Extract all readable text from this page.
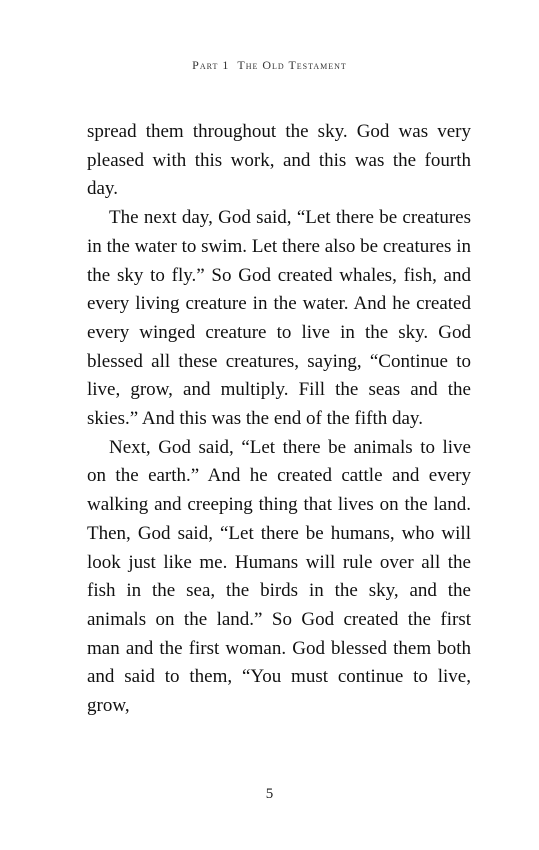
Part 1 The Old Testament

spread them throughout the sky. God was very pleased with this work, and this was the fourth day.

The next day, God said, “Let there be creatures in the water to swim. Let there also be creatures in the sky to fly.” So God created whales, fish, and every living creature in the water. And he created every winged creature to live in the sky. God blessed all these creatures, saying, “Continue to live, grow, and multiply. Fill the seas and the skies.” And this was the end of the fifth day.

Next, God said, “Let there be animals to live on the earth.” And he created cattle and every walking and creeping thing that lives on the land. Then, God said, “Let there be humans, who will look just like me. Humans will rule over all the fish in the sea, the birds in the sky, and the animals on the land.” So God created the first man and the first woman. God blessed them both and said to them, “You must continue to live, grow,

5
